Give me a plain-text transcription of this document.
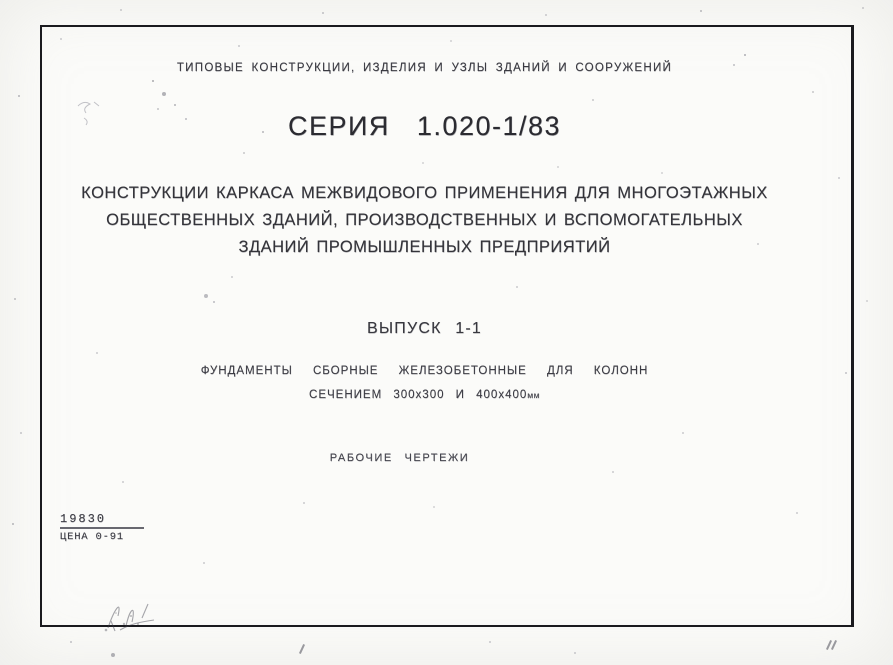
ТИПОВЫЕ КОНСТРУКЦИИ, ИЗДЕЛИЯ И УЗЛЫ ЗДАНИЙ И СООРУЖЕНИЙ

СЕРИЯ 1.020-1/83

КОНСТРУКЦИИ КАРКАСА МЕЖВИДОВОГО ПРИМЕНЕНИЯ ДЛЯ МНОГОЭТАЖНЫХ

ОБЩЕСТВЕННЫХ ЗДАНИЙ, ПРОИЗВОДСТВЕННЫХ И ВСПОМОГАТЕЛЬНЫХ

ЗДАНИЙ ПРОМЫШЛЕННЫХ ПРЕДПРИЯТИЙ

ВЫПУСК 1-1

ФУНДАМЕНТЫ СБОРНЫЕ ЖЕЛЕЗОБЕТОННЫЕ ДЛЯ КОЛОНН

СЕЧЕНИЕМ 300x300 И 400x400мм

РАБОЧИЕ ЧЕРТЕЖИ

19830
ЦЕНА 0-91
